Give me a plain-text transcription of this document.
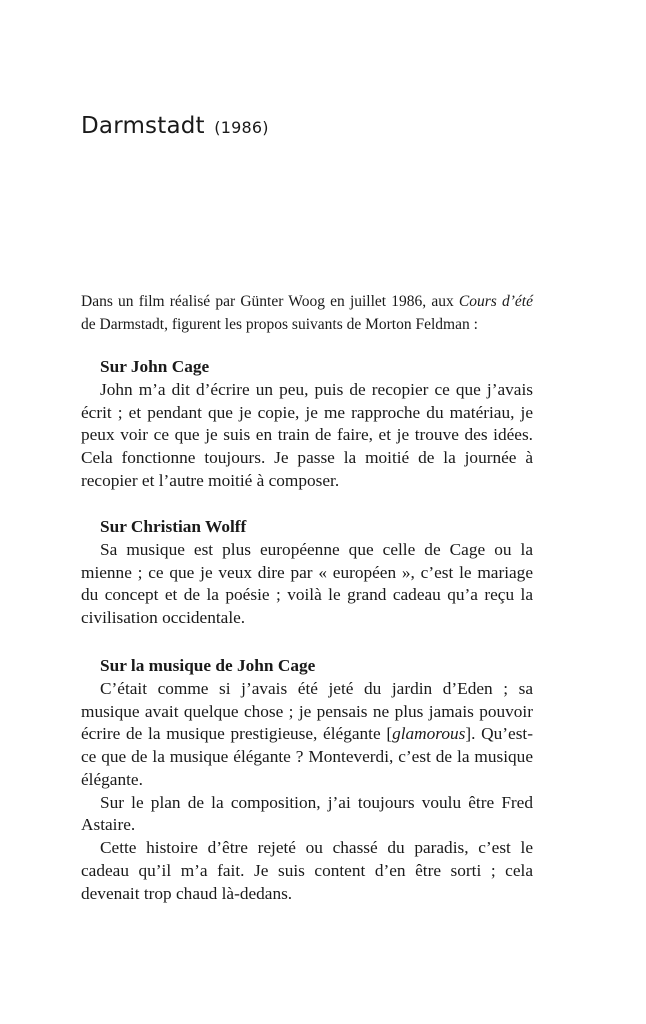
Darmstadt (1986)

Dans un film réalisé par Günter Woog en juillet 1986, aux Cours d’été de Darmstadt, figurent les propos suivants de Morton Feldman :

Sur John Cage

John m’a dit d’écrire un peu, puis de recopier ce que j’avais écrit ; et pendant que je copie, je me rapproche du matériau, je peux voir ce que je suis en train de faire, et je trouve des idées. Cela fonctionne toujours. Je passe la moitié de la journée à recopier et l’autre moitié à composer.

Sur Christian Wolff

Sa musique est plus européenne que celle de Cage ou la mienne ; ce que je veux dire par « européen », c’est le mariage du concept et de la poésie ; voilà le grand cadeau qu’a reçu la civilisation occidentale.

Sur la musique de John Cage

C’était comme si j’avais été jeté du jardin d’Eden ; sa musique avait quelque chose ; je pensais ne plus jamais pouvoir écrire de la musique prestigieuse, élégante [glamorous]. Qu’est-ce que de la musique élégante ? Monteverdi, c’est de la musique élégante.

Sur le plan de la composition, j’ai toujours voulu être Fred Astaire.

Cette histoire d’être rejeté ou chassé du paradis, c’est le cadeau qu’il m’a fait. Je suis content d’en être sorti ; cela devenait trop chaud là-dedans.
